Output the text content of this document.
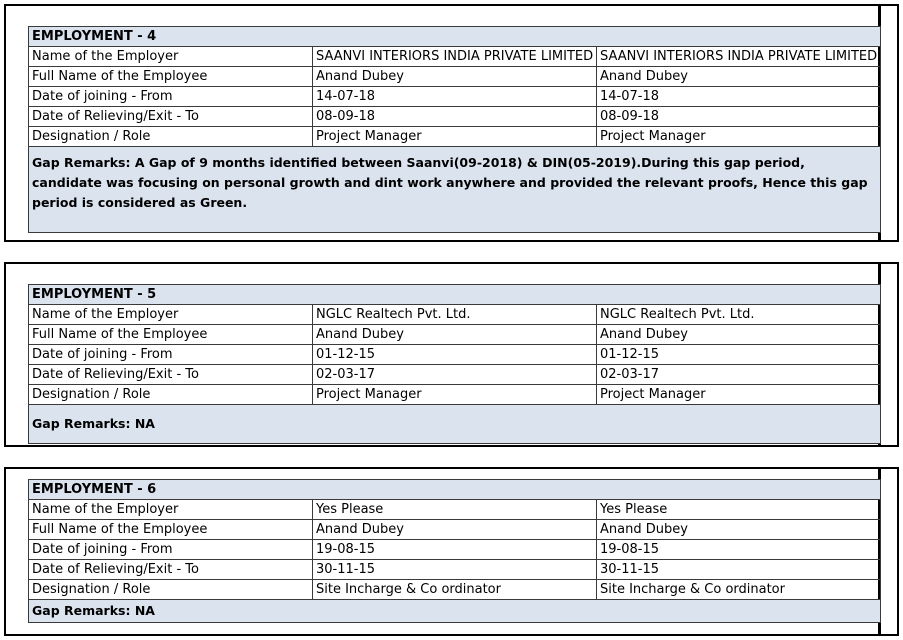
EMPLOYMENT - 4		
Name of the Employer	SAANVI INTERIORS INDIA PRIVATE LIMITED	SAANVI INTERIORS INDIA PRIVATE LIMITED
Full Name of the Employee	Anand Dubey	Anand Dubey
Date of joining - From	14-07-18	14-07-18
Date of Relieving/Exit - To	08-09-18	08-09-18
Designation / Role	Project Manager	Project Manager
Gap Remarks: A Gap of 9 months identified between Saanvi(09-2018) & DIN(05-2019).During this gap period, candidate was focusing on personal growth and dint work anywhere and provided the relevant proofs, Hence this gap period is considered as Green.		
EMPLOYMENT - 5		
Name of the Employer	NGLC Realtech Pvt. Ltd.	NGLC Realtech Pvt. Ltd.
Full Name of the Employee	Anand Dubey	Anand Dubey
Date of joining - From	01-12-15	01-12-15
Date of Relieving/Exit - To	02-03-17	02-03-17
Designation / Role	Project Manager	Project Manager
Gap Remarks: NA		
EMPLOYMENT - 6		
Name of the Employer	Yes Please	Yes Please
Full Name of the Employee	Anand Dubey	Anand Dubey
Date of joining - From	19-08-15	19-08-15
Date of Relieving/Exit - To	30-11-15	30-11-15
Designation / Role	Site Incharge & Co ordinator	Site Incharge & Co ordinator
Gap Remarks: NA		
